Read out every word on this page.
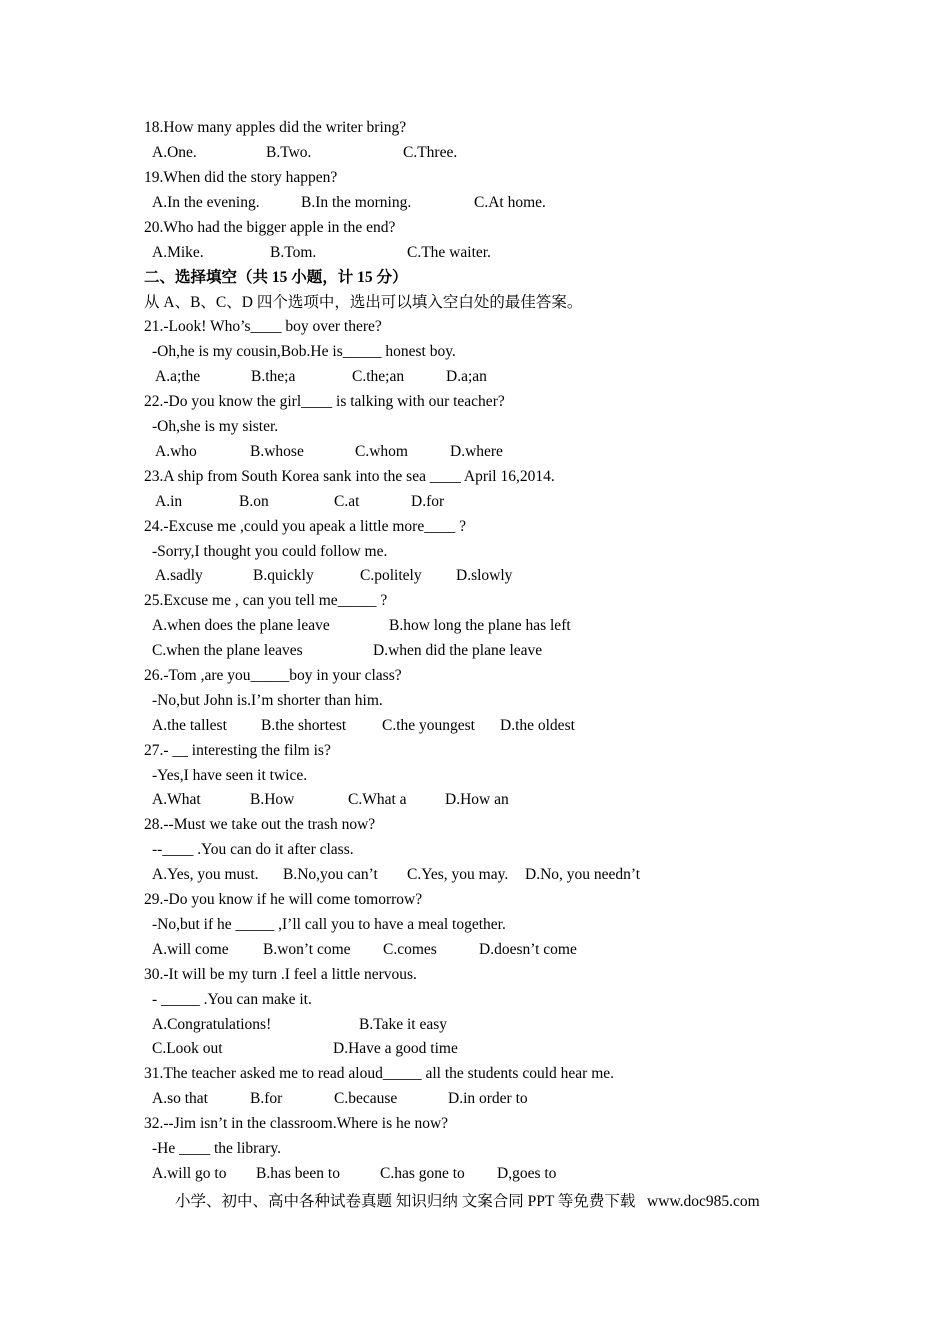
18.How many apples did the writer bring?

A.One.

	B.Two.

	C.Three.

19.When did the story happen?

A.In the evening.

	B.In the morning.

	C.At home.

20.Who had the bigger apple in the end?

A.Mike.

	B.Tom.

	C.The waiter.

二、选择填空（共 15 小题，计 15 分）
从 A、B、C、D 四个选项中，选出可以填入空白处的最佳答案。
21.-Look! Who’s____ boy over there?
-Oh,he is my cousin,Bob.He is_____ honest boy.

A.a;the

	B.the;a

	C.the;an

	D.a;an

22.-Do you know the girl____ is talking with our teacher?
-Oh,she is my sister.

A.who

	B.whose

	C.whom

	D.where

23.A ship from South Korea sank into the sea ____ April 16,2014.

A.in

	B.on

	C.at

	D.for

24.-Excuse me ,could you apeak a little more____ ?
-Sorry,I thought you could follow me.

A.sadly

	B.quickly

	C.politely

D.slowly

25.Excuse me , can you tell me_____ ?

A.when does the plane leave

	B.how long the plane has left

C.when the plane leaves

	D.when did the plane leave

26.-Tom ,are you_____boy in your class?
-No,but John is.I’m shorter than him.

A.the tallest

B.the shortest

C.the youngest

D.the oldest

27.- __ interesting the film is?
-Yes,I have seen it twice.

A.What

	B.How

	C.What a

D.How an

28.--Must we take out the trash now?
--____ .You can do it after class.

A.Yes, you must.

B.No,you can’t

C.Yes, you may.

D.No, you needn’t

29.-Do you know if he will come tomorrow?
-No,but if he _____ ,I’ll call you to have a meal together.

A.will come

B.won’t come

C.comes

	D.doesn’t come

30.-It will be my turn .I feel a little nervous.
- _____ .You can make it.

A.Congratulations!

	B.Take it easy

C.Look out

	D.Have a good time

31.The teacher asked me to read aloud_____ all the students could hear me.

A.so that

	B.for

	C.because

	D.in order to

32.--Jim isn’t in the classroom.Where is he now?
-He ____ the library.

A.will go to

B.has been to

	C.has gone to

D,goes to

小学、初中、高中各种试卷真题 知识归纳 文案合同 PPT 等免费下载   www.doc985.com
